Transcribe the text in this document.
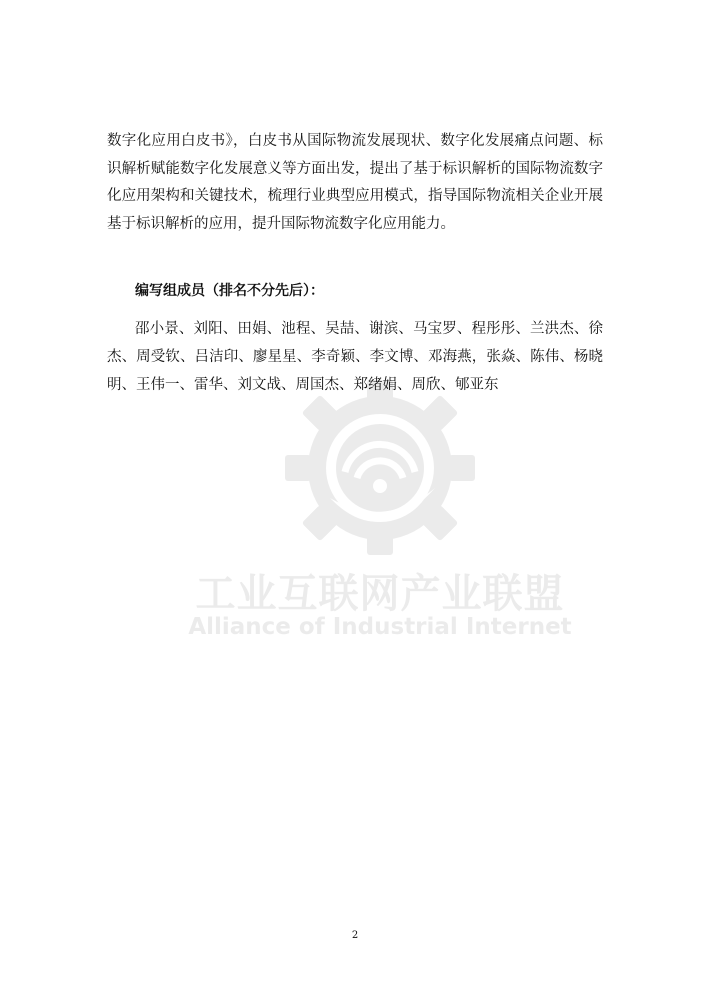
工业互联网产业联盟
Alliance of Industrial Internet

数字化应用白皮书》，白皮书从国际物流发展现状、数字化发展痛点问题、标识解析赋能数字化发展意义等方面出发，提出了基于标识解析的国际物流数字化应用架构和关键技术，梳理行业典型应用模式，指导国际物流相关企业开展基于标识解析的应用，提升国际物流数字化应用能力。

编写组成员（排名不分先后）：

邵小景、刘阳、田娟、池程、吴喆、谢滨、马宝罗、程彤彤、兰洪杰、徐杰、周受钦、吕洁印、廖星星、李奇颖、李文博、邓海燕，张焱、陈伟、杨晓明、王伟一、雷华、刘文战、周国杰、郑绪娟、周欣、郇亚东

2
